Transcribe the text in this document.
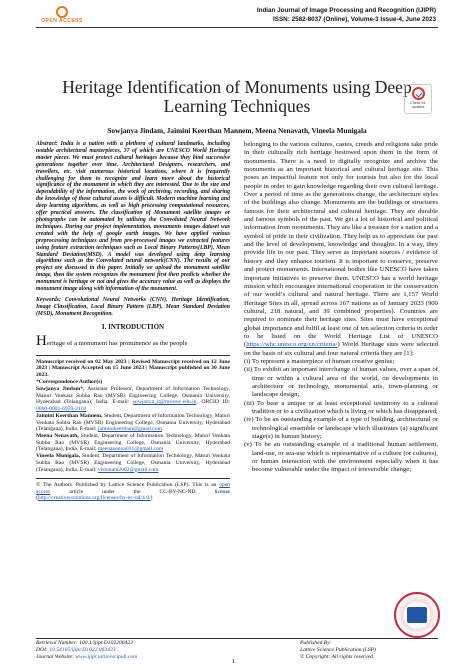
OPEN ACCESS
Indian Journal of Image Processing and Recognition (IJIPR)
ISSN: 2582-8037 (Online), Volume-3 Issue-4, June 2023
Heritage Identification of Monuments using Deep Learning Techniques	Check for updates
Sowjanya Jindam, Jaimini Keerthan Mannem, Meena Nenavath, Vineela Munigala

Abstract: India is a nation with a plethora of cultural landmarks, including notable architectural masterpieces, 37 of which are UNESCO World Heritage master pieces. We must protect cultural heritages because they bind successive generations together over time. Architectural Designers, researchers, and travellers, etc. visit numerous historical locations, where it is frequently challenging for them to recognize and learn more about the historical significance of the monument in which they are interested. Due to the size and dependability of the information, the work of archiving, recording, and sharing the knowledge of these cultural assets is difficult. Modern machine learning and deep learning algorithms, as well as high processing computational resources, offer practical answers. The classification of Monument satellite images or photographs can be automated by utilising the Convoluted Neural Network techniques. During our project implementation, monuments images dataset was created with the help of google earth images. We have applied various preprocessing techniques and from pre-processed images we extracted features using feature extraction techniques such as Local Binary Patterns(LBP), Mean Standard Deviation(MSD). A model was developed using deep learning algorithms such as the Convoluted neural network(CNN). The results of our project are discussed in this paper. Initially we upload the monument satellite image, then the system recognizes the monument first then predicts whether the monument is heritage or not and gives the accuracy value as well as displays the monument image along with information of the monument.

Keywords: Convolutional Neural Networks (CNN), Heritage Identification, Image Classification, Local Binary Pattern (LBP), Mean Standard Deviation (MSD), Monument Recognition.

I. INTRODUCTION

Heritage of a monument has prominence as the people

Manuscript received on 02 May 2023 | Revised Manuscript received on 12 June 2023 | Manuscript Accepted on 15 June 2023 | Manuscript published on 30 June 2023.

*Correspondence Author(s)

Sowjanya Jindam*, Assistant Professor, Department of Information Technology, Maturi Venkata Subba Rao (MVSR) Engineering College, Osmania University, Hyderabad (Telangana), India. E-mail: sowjanya_it@mvsrec.edu.in, ORCID ID: 0000-0001-6959-2110

Jaimini Keerthan Mannem, Student, Department of Information Technology, Maturi Venkata Subba Rao (MVSR) Engineering College, Osmania University, Hyderabad (Telangana), India. E-mail: jaiminikeerthan@gmail.com

Meena Nenavath, Student, Department of Information Technology, Maturi Venkata Subba Rao (MVSR) Engineering College, Osmania University, Hyderabad (Telangana), India. E-mail: meenanenna031@gmail.com

Vineela Munigala, Student, Department of Information Technology, Maturi Venkata Subba Rao (MVSR) Engineering College, Osmania University, Hyderabad (Telangana), India. E-mail: vishmani2002@gmail.com

© The Authors. Published by Lattice Science Publication (LSP). This is an open access	article under the CC-BY-NC-ND license (http://creativecommons.org/licenses/by-nc-nd/4.0/)

belonging to the various cultures, castes, creeds and religions take pride in their culturally rich heritage bestowed upon them in the form of monuments. There is a need to digitally recognize and archive the monuments as an important historical and cultural heritage site. This poses an impactful feature not only for tourists but also for the local people in order to gain knowledge regarding their own cultural heritage. Over a period of time as the generations change, the architecture styles of the buildings also change. Monuments are the buildings or structures famous for their architectural and cultural heritage. They are durable and famous symbols of the past. We get a lot of historical and political information from monuments. They are like a treasure for a nation and a symbol of pride in their civilization. They help us to appreciate our past and the level of development, knowledge and thoughts. In a way, they provide life to our past. They serve as important sources / evidence of history and they enhance tourism. It is important to conserve, preserve and protect monuments. International bodies like UNESCO have taken important initiatives to preserve them. UNESCO has a world heritage mission which encourages international cooperation in the conservation of our world’s cultural and natural heritage. There are 1,157 World Heritage Sites in all, spread across 167 nations as of January 2023 (900 cultural, 218 natural, and 39 combined properties). Countries are required to nominate their heritage sites. Sites must have exceptional global importance and fulfil at least one of ten selection criteria in order to be listed on the World Heritage List of UNESCO (https://whc.unesco.org/en/criteria/) World Heritage sites were selected on the basis of six cultural and four natural criteria they are [1]:

(i) To represent a masterpiece of human creative genius;

(ii) To exhibit an important interchange of human values, over a span of time or within a cultural area of the world, on developments in architecture or technology, monumental arts, town-planning or landscape design;

(iii) To bear a unique or at least exceptional testimony to a cultural tradition or to a civilization which is living or which has disappeared;

(iv) To be an outstanding example of a type of building, architectural or technological ensemble or landscape which illustrates (a) significant stage(s) in human history;

(v) To be an outstanding example of a traditional human settlement, land-use, or sea-use which is representative of a culture (or cultures), or human interaction with the environment especially when it has become vulnerable under the impact of irreversible change;

Retrieval Number: 100.1/ijipr.D102206423
DOI: 10.54105/ijipr.D1022.063423
Journal Website: www.ijipr.latticescipub.com
1
Published By:
Lattice Science Publication (LSP)
© Copyright: All rights reserved.
